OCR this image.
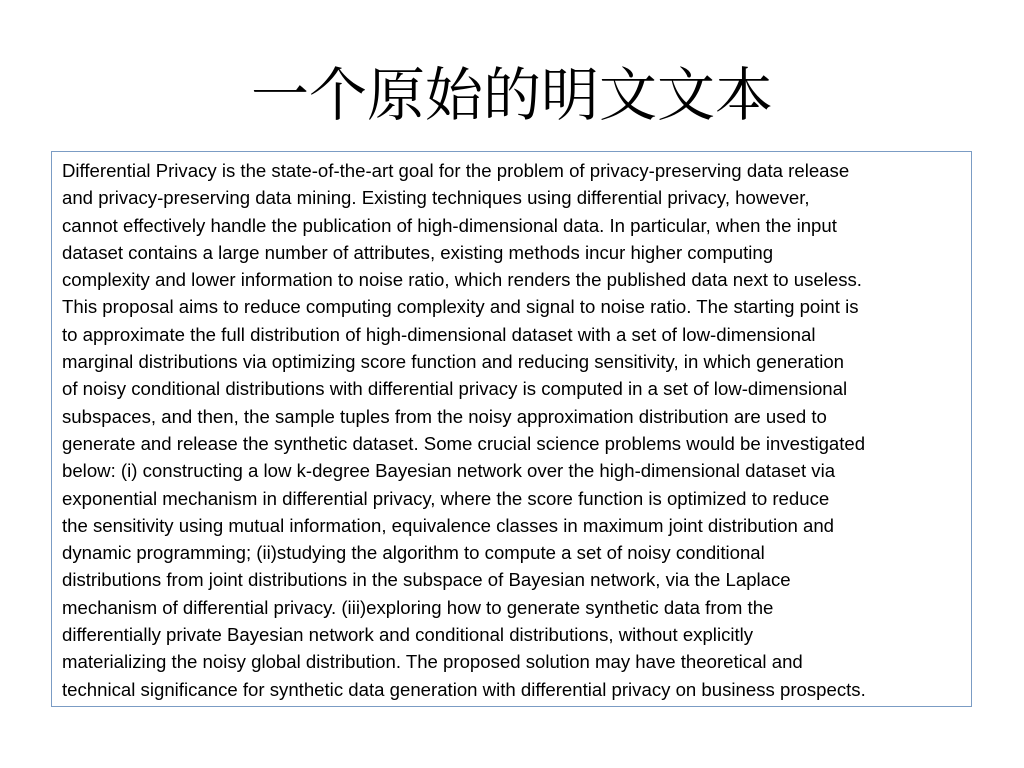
一个原始的明文文本

Differential Privacy is the state-of-the-art goal for the problem of privacy-preserving data release
and privacy-preserving data mining. Existing techniques using differential privacy, however,
cannot effectively handle the publication of high-dimensional data. In particular, when the input
dataset contains a large number of attributes, existing methods incur higher computing
complexity and lower information to noise ratio, which renders the published data next to useless.
This proposal aims to reduce computing complexity and signal to noise ratio. The starting point is
to approximate the full distribution of high-dimensional dataset with a set of low-dimensional
marginal distributions via optimizing score function and reducing sensitivity, in which generation
of noisy conditional distributions with differential privacy is computed in a set of low-dimensional
subspaces, and then, the sample tuples from the noisy approximation distribution are used to
generate and release the synthetic dataset. Some crucial science problems would be investigated
below: (i) constructing a low k-degree Bayesian network over the high-dimensional dataset via
exponential mechanism in differential privacy, where the score function is optimized to reduce
the sensitivity using mutual information, equivalence classes in maximum joint distribution and
dynamic programming; (ii)studying the algorithm to compute a set of noisy conditional
distributions from joint distributions in the subspace of Bayesian network, via the Laplace
mechanism of differential privacy. (iii)exploring how to generate synthetic data from the
differentially private Bayesian network and conditional distributions, without explicitly
materializing the noisy global distribution. The proposed solution may have theoretical and
technical significance for synthetic data generation with differential privacy on business prospects.
